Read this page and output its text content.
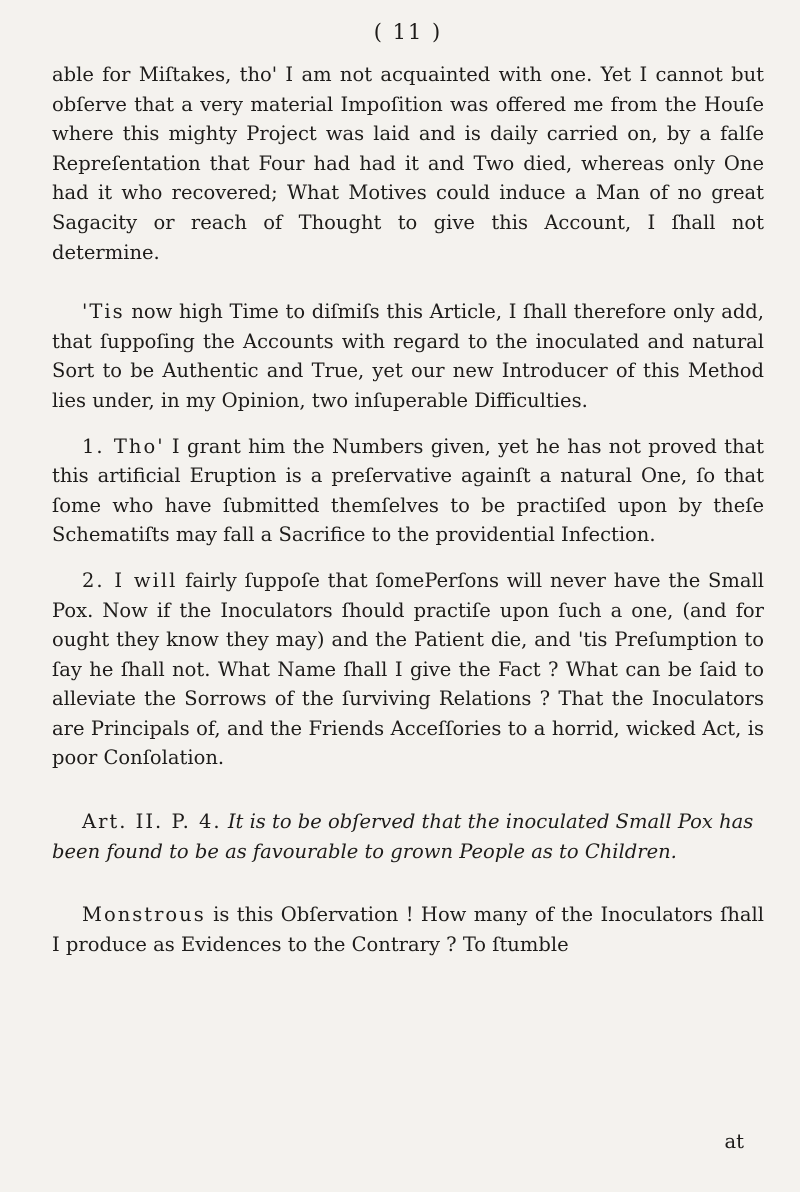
( 11 )

able for Miſtakes, tho' I am not acquainted with one. Yet I cannot but obſerve that a very material Impoſition was offered me from the Houſe where this mighty Project was laid and is daily carried on, by a falſe Repreſentation that Four had had it and Two died, whereas only One had it who recovered; What Motives could induce a Man of no great Sagacity or reach of Thought to give this Account, I ſhall not determine.

'Tis now high Time to diſmiſs this Article, I ſhall therefore only add, that ſuppoſing the Accounts with regard to the inoculated and natural Sort to be Authentic and True, yet our new Introducer of this Method lies under, in my Opinion, two inſuperable Difficulties.

1. Tho' I grant him the Numbers given, yet he has not proved that this artificial Eruption is a preſervative againſt a natural One, ſo that ſome who have ſubmitted themſelves to be practiſed upon by theſe Schematiſts may fall a Sacrifice to the providential Infection.

2. I will fairly ſuppoſe that ſomePerſons will never have the Small Pox. Now if the Inoculators ſhould practiſe upon ſuch a one, (and for ought they know they may) and the Patient die, and 'tis Preſumption to ſay he ſhall not. What Name ſhall I give the Fact ? What can be ſaid to alleviate the Sorrows of the ſurviving Relations ? That the Inoculators are Principals of, and the Friends Acceſſories to a horrid, wicked Act, is poor Conſolation.

Art. II. P. 4. It is to be obſerved that the inoculated Small Pox has been found to be as favourable to grown People as to Children.

Monstrous is this Obſervation ! How many of the Inoculators ſhall I produce as Evidences to the Contrary ? To ſtumble

at
